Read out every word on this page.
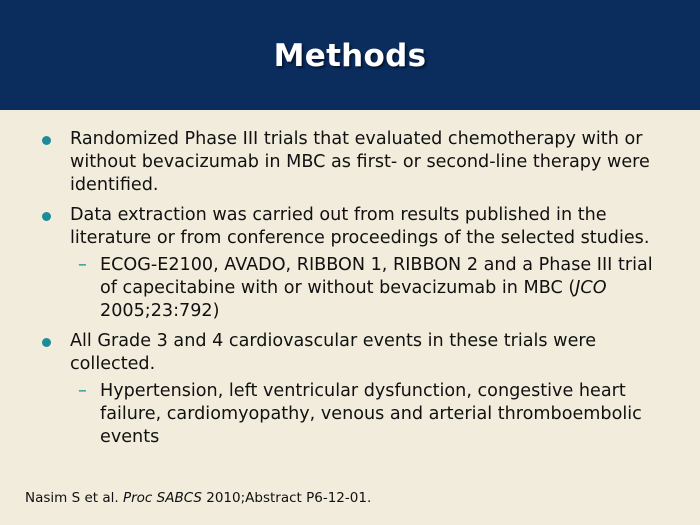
Methods
Randomized Phase III trials that evaluated chemotherapy with or without bevacizumab in MBC as first- or second-line therapy were identified.
Data extraction was carried out from results published in the literature or from conference proceedings of the selected studies.
– ECOG-E2100, AVADO, RIBBON 1, RIBBON 2 and a Phase III trial of capecitabine with or without bevacizumab in MBC (JCO 2005;23:792)
All Grade 3 and 4 cardiovascular events in these trials were collected.
– Hypertension, left ventricular dysfunction, congestive heart failure, cardiomyopathy, venous and arterial thromboembolic events
Nasim S et al. Proc SABCS 2010;Abstract P6-12-01.
